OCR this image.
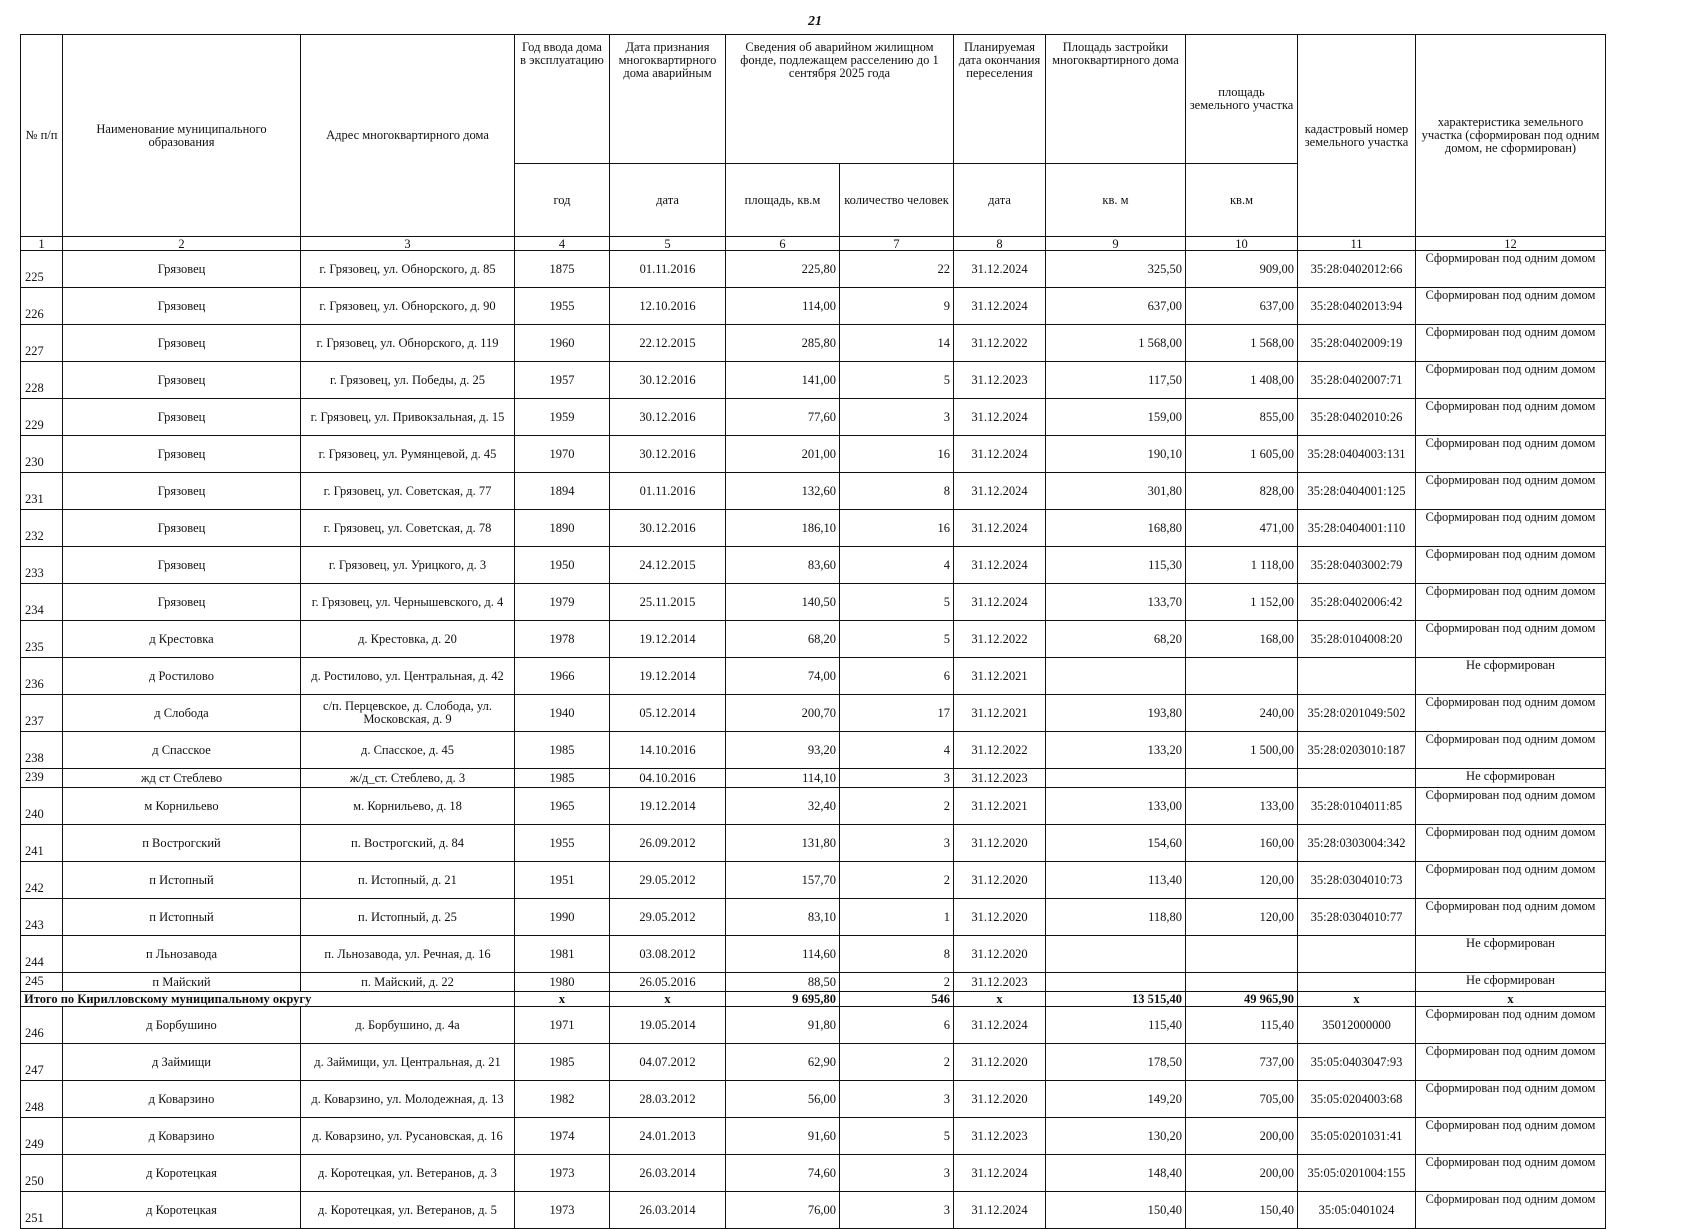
21
№ п/п	Наименование муниципального образования	Адрес многоквартирного дома	Год ввода дома в эксплуатацию	Дата признания многоквартирного дома аварийным	Сведения об аварийном жилищном фонде, подлежащем расселению до 1 сентября 2025 года		Планируемая дата окончания переселения	Площадь застройки многоквартирного дома	площадь земельного участка	кадастровый номер земельного участка	характеристика земельного участка (сформирован под одним домом, не сформирован)
			год	дата	площадь, кв.м	количество человек	дата	кв. м	кв.м		
1	2	3	4	5	6	7	8	9	10	11	12
225	Грязовец	г. Грязовец, ул. Обнорского, д. 85	1875	01.11.2016	225,80	22	31.12.2024	325,50	909,00	35:28:0402012:66	Сформирован под одним домом
226	Грязовец	г. Грязовец, ул. Обнорского, д. 90	1955	12.10.2016	114,00	9	31.12.2024	637,00	637,00	35:28:0402013:94	Сформирован под одним домом
227	Грязовец	г. Грязовец, ул. Обнорского, д. 119	1960	22.12.2015	285,80	14	31.12.2022	1 568,00	1 568,00	35:28:0402009:19	Сформирован под одним домом
228	Грязовец	г. Грязовец, ул. Победы, д. 25	1957	30.12.2016	141,00	5	31.12.2023	117,50	1 408,00	35:28:0402007:71	Сформирован под одним домом
229	Грязовец	г. Грязовец, ул. Привокзальная, д. 15	1959	30.12.2016	77,60	3	31.12.2024	159,00	855,00	35:28:0402010:26	Сформирован под одним домом
230	Грязовец	г. Грязовец, ул. Румянцевой, д. 45	1970	30.12.2016	201,00	16	31.12.2024	190,10	1 605,00	35:28:0404003:131	Сформирован под одним домом
231	Грязовец	г. Грязовец, ул. Советская, д. 77	1894	01.11.2016	132,60	8	31.12.2024	301,80	828,00	35:28:0404001:125	Сформирован под одним домом
232	Грязовец	г. Грязовец, ул. Советская, д. 78	1890	30.12.2016	186,10	16	31.12.2024	168,80	471,00	35:28:0404001:110	Сформирован под одним домом
233	Грязовец	г. Грязовец, ул. Урицкого, д. 3	1950	24.12.2015	83,60	4	31.12.2024	115,30	1 118,00	35:28:0403002:79	Сформирован под одним домом
234	Грязовец	г. Грязовец, ул. Чернышевского, д. 4	1979	25.11.2015	140,50	5	31.12.2024	133,70	1 152,00	35:28:0402006:42	Сформирован под одним домом
235	д Крестовка	д. Крестовка, д. 20	1978	19.12.2014	68,20	5	31.12.2022	68,20	168,00	35:28:0104008:20	Сформирован под одним домом
236	д Ростилово	д. Ростилово, ул. Центральная, д. 42	1966	19.12.2014	74,00	6	31.12.2021				Не сформирован
237	д Слобода	с/п. Перцевское, д. Слобода, ул. Московская, д. 9	1940	05.12.2014	200,70	17	31.12.2021	193,80	240,00	35:28:0201049:502	Сформирован под одним домом
238	д Спасское	д. Спасское, д. 45	1985	14.10.2016	93,20	4	31.12.2022	133,20	1 500,00	35:28:0203010:187	Сформирован под одним домом
239	жд ст Стеблево	ж/д_ст. Стеблево, д. 3	1985	04.10.2016	114,10	3	31.12.2023				Не сформирован
240	м Корнильево	м. Корнильево, д. 18	1965	19.12.2014	32,40	2	31.12.2021	133,00	133,00	35:28:0104011:85	Сформирован под одним домом
241	п Вострогский	п. Вострогский, д. 84	1955	26.09.2012	131,80	3	31.12.2020	154,60	160,00	35:28:0303004:342	Сформирован под одним домом
242	п Истопный	п. Истопный, д. 21	1951	29.05.2012	157,70	2	31.12.2020	113,40	120,00	35:28:0304010:73	Сформирован под одним домом
243	п Истопный	п. Истопный, д. 25	1990	29.05.2012	83,10	1	31.12.2020	118,80	120,00	35:28:0304010:77	Сформирован под одним домом
244	п Льнозавода	п. Льнозавода, ул. Речная, д. 16	1981	03.08.2012	114,60	8	31.12.2020				Не сформирован
245	п Майский	п. Майский, д. 22	1980	26.05.2016	88,50	2	31.12.2023				Не сформирован
Итого по Кирилловскому муниципальному округу			x	x	9 695,80	546	x	13 515,40	49 965,90	x	x
246	д Борбушино	д. Борбушино, д. 4а	1971	19.05.2014	91,80	6	31.12.2024	115,40	115,40	35012000000	Сформирован под одним домом
247	д Займищи	д. Займищи, ул. Центральная, д. 21	1985	04.07.2012	62,90	2	31.12.2020	178,50	737,00	35:05:0403047:93	Сформирован под одним домом
248	д Коварзино	д. Коварзино, ул. Молодежная, д. 13	1982	28.03.2012	56,00	3	31.12.2020	149,20	705,00	35:05:0204003:68	Сформирован под одним домом
249	д Коварзино	д. Коварзино, ул. Русановская, д. 16	1974	24.01.2013	91,60	5	31.12.2023	130,20	200,00	35:05:0201031:41	Сформирован под одним домом
250	д Коротецкая	д. Коротецкая, ул. Ветеранов, д. 3	1973	26.03.2014	74,60	3	31.12.2024	148,40	200,00	35:05:0201004:155	Сформирован под одним домом
251	д Коротецкая	д. Коротецкая, ул. Ветеранов, д. 5	1973	26.03.2014	76,00	3	31.12.2024	150,40	150,40	35:05:0401024	Сформирован под одним домом
